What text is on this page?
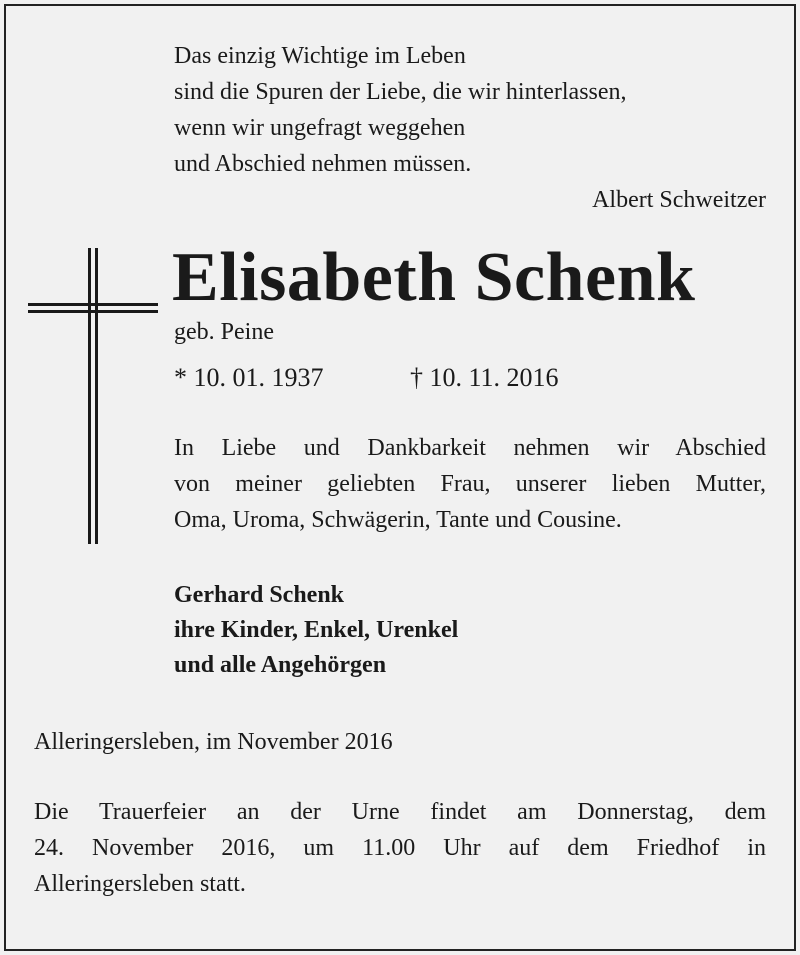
Das einzig Wichtige im Leben
sind die Spuren der Liebe, die wir hinterlassen,
wenn wir ungefragt weggehen
und Abschied nehmen müssen.
Albert Schweitzer
Elisabeth Schenk
geb. Peine
* 10. 01. 1937	† 10. 11. 2016
In Liebe und Dankbarkeit nehmen wir Abschied
von meiner geliebten Frau, unserer lieben Mutter,
Oma, Uroma, Schwägerin, Tante und Cousine.
Gerhard Schenk
ihre Kinder, Enkel, Urenkel
und alle Angehörgen
Alleringersleben, im November 2016
Die Trauerfeier an der Urne findet am Donnerstag, dem
24. November 2016, um 11.00 Uhr auf dem Friedhof in
Alleringersleben statt.
